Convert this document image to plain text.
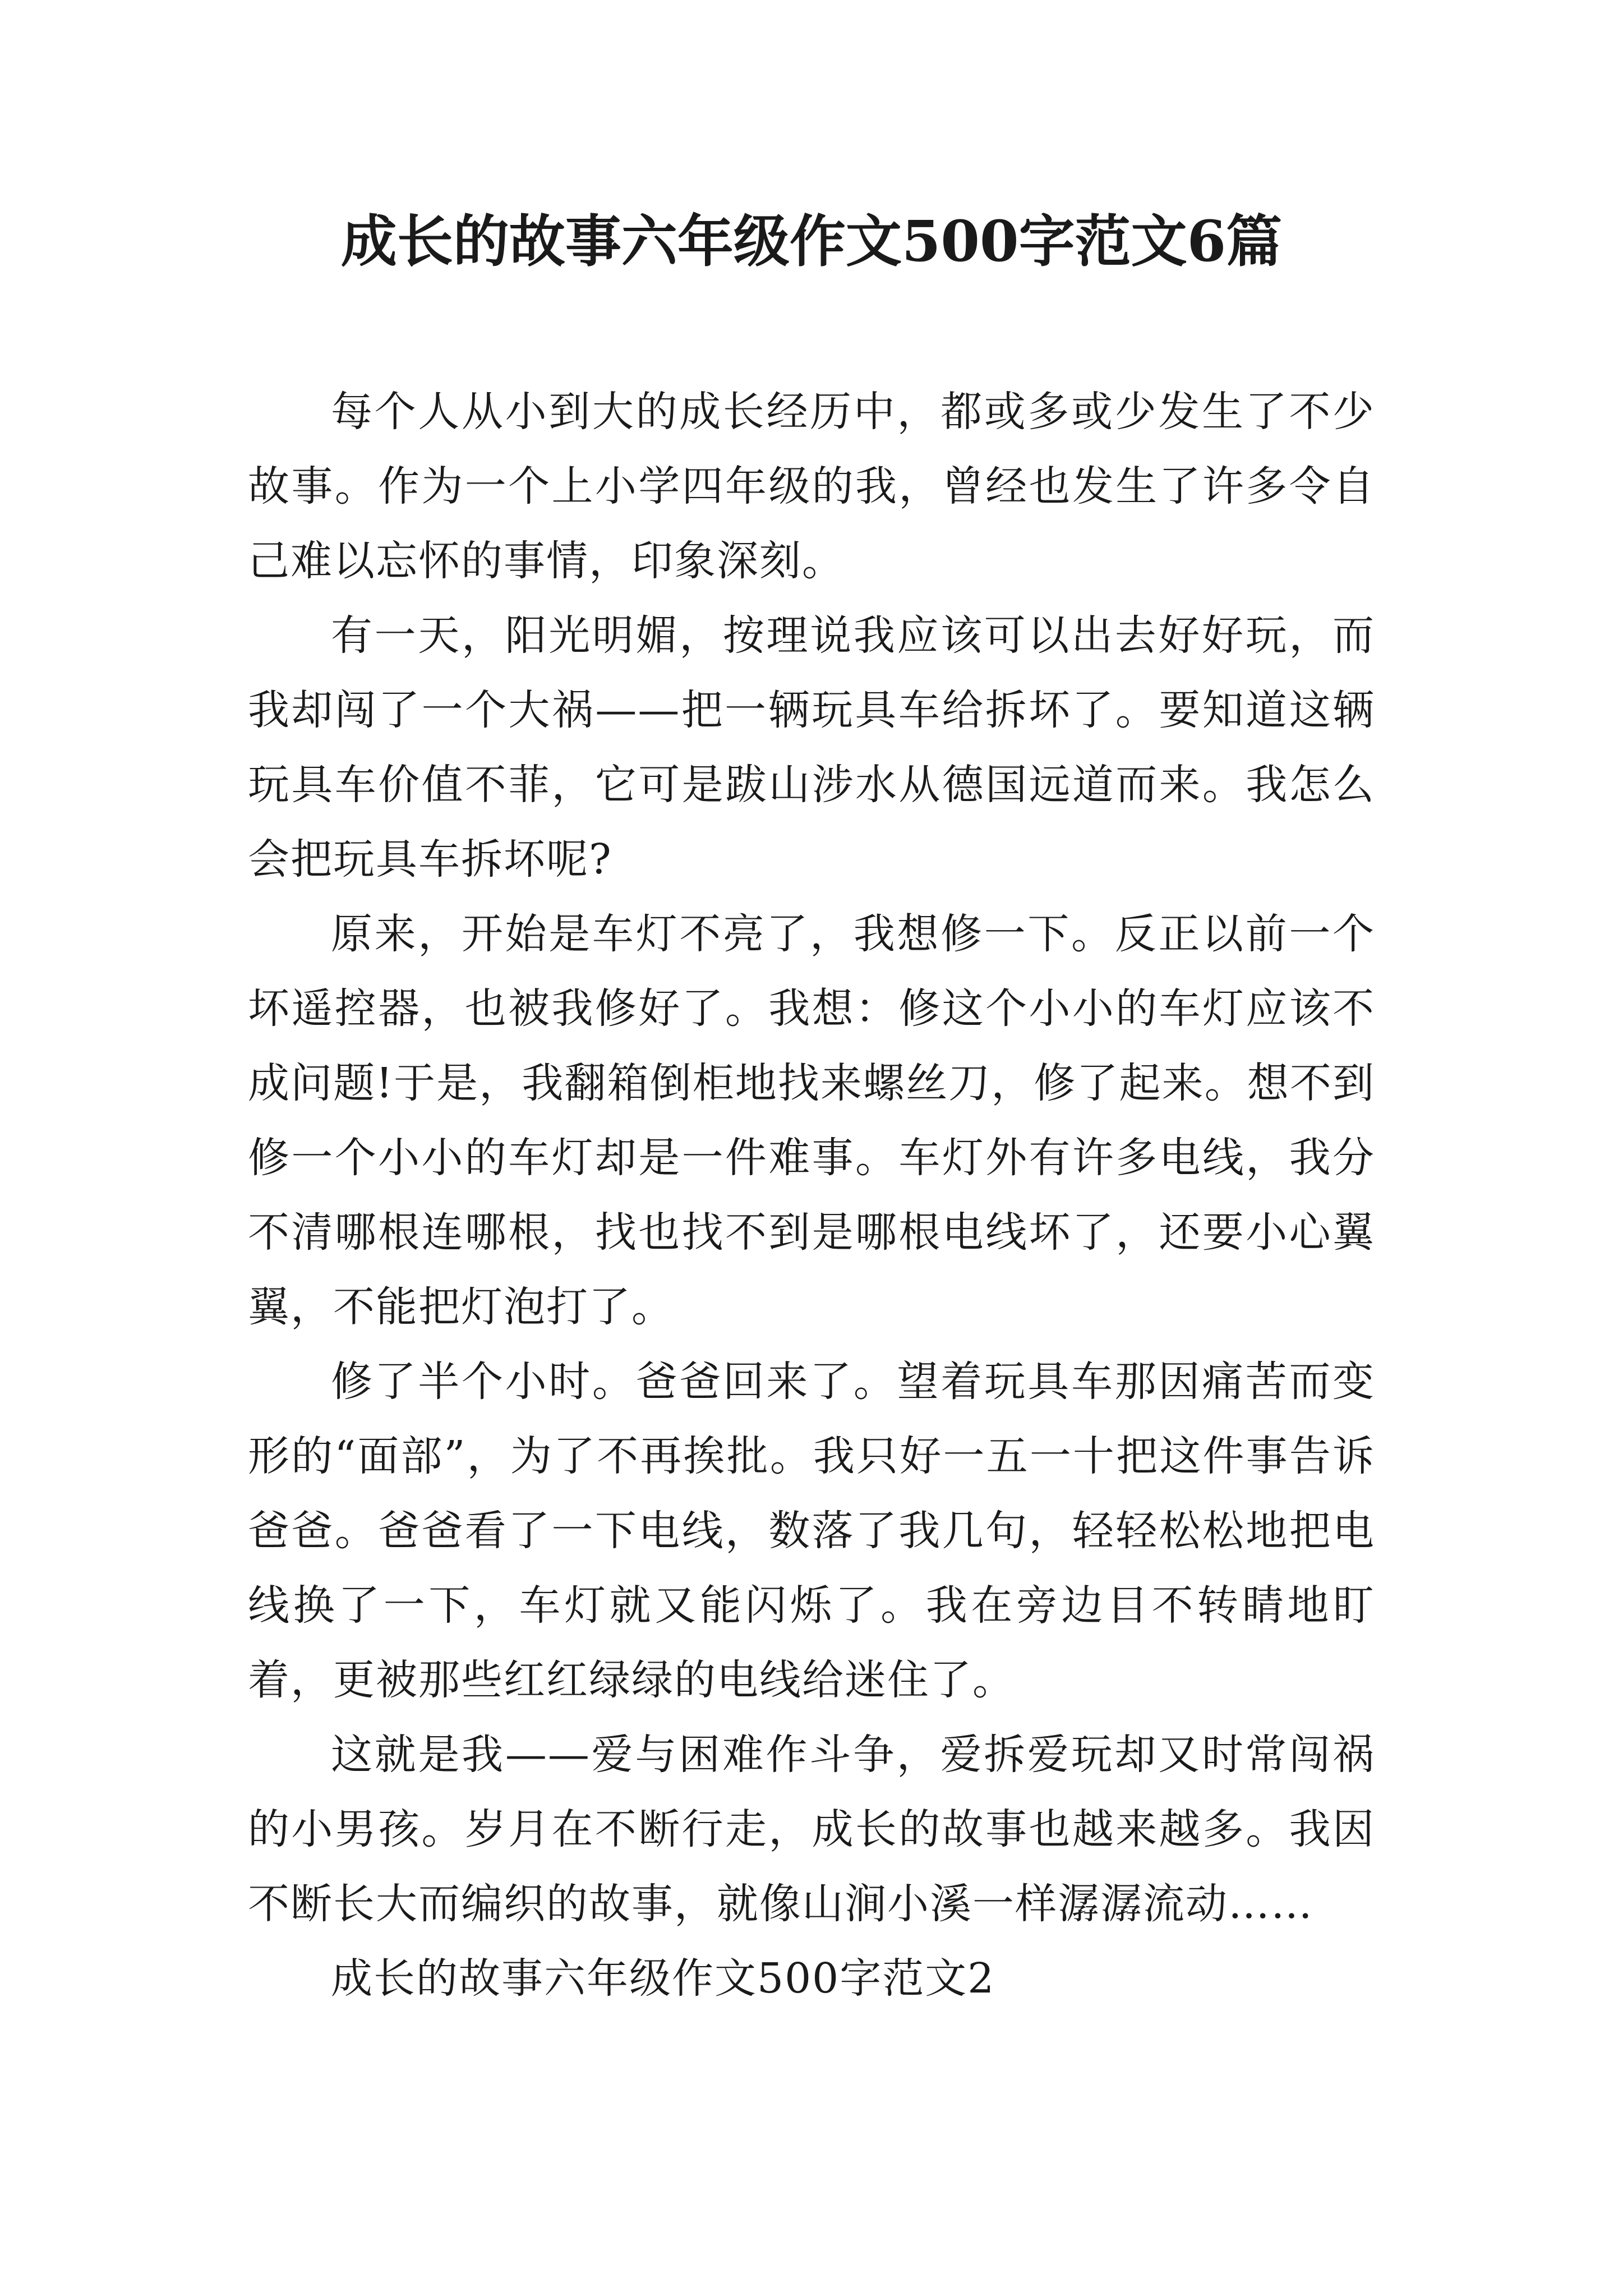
成长的故事六年级作文500字范文6篇

每个人从小到大的成长经历中，都或多或少发生了不少故事。作为一个上小学四年级的我，曾经也发生了许多令自己难以忘怀的事情，印象深刻。

有一天，阳光明媚，按理说我应该可以出去好好玩，而我却闯了一个大祸——把一辆玩具车给拆坏了。要知道这辆玩具车价值不菲，它可是跋山涉水从德国远道而来。我怎么会把玩具车拆坏呢?

原来，开始是车灯不亮了，我想修一下。反正以前一个坏遥控器，也被我修好了。我想：修这个小小的车灯应该不成问题!于是，我翻箱倒柜地找来螺丝刀，修了起来。想不到修一个小小的车灯却是一件难事。车灯外有许多电线，我分不清哪根连哪根，找也找不到是哪根电线坏了，还要小心翼翼，不能把灯泡打了。

修了半个小时。爸爸回来了。望着玩具车那因痛苦而变形的“面部”，为了不再挨批。我只好一五一十把这件事告诉爸爸。爸爸看了一下电线，数落了我几句，轻轻松松地把电线换了一下，车灯就又能闪烁了。我在旁边目不转睛地盯着，更被那些红红绿绿的电线给迷住了。

这就是我——爱与困难作斗争，爱拆爱玩却又时常闯祸的小男孩。岁月在不断行走，成长的故事也越来越多。我因不断长大而编织的故事，就像山涧小溪一样潺潺流动……

成长的故事六年级作文500字范文2
